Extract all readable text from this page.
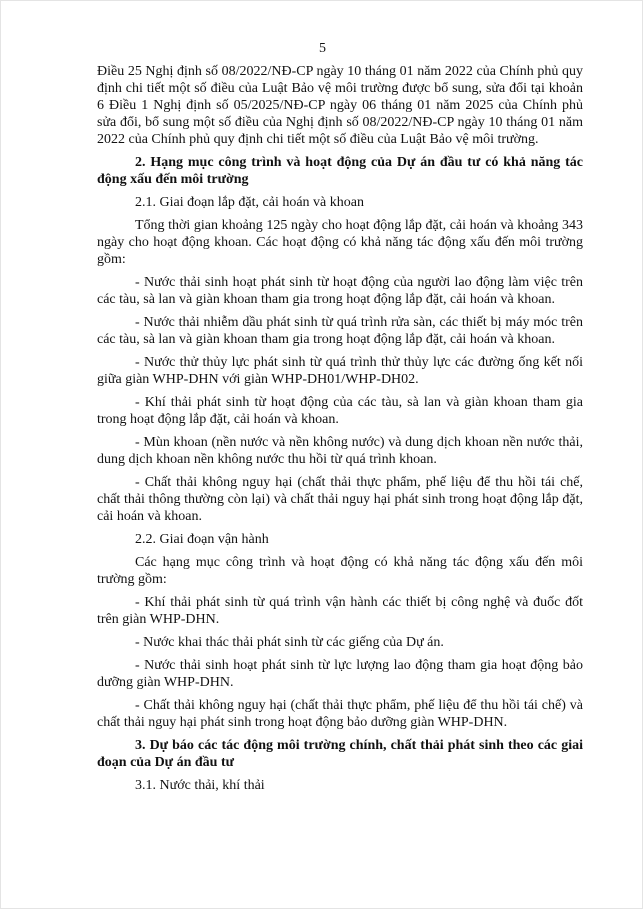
5

Điều 25 Nghị định số 08/2022/NĐ-CP ngày 10 tháng 01 năm 2022 của Chính phủ quy định chi tiết một số điều của Luật Bảo vệ môi trường được bổ sung, sửa đổi tại khoản 6 Điều 1 Nghị định số 05/2025/NĐ-CP ngày 06 tháng 01 năm 2025 của Chính phủ sửa đổi, bổ sung một số điều của Nghị định số 08/2022/NĐ-CP ngày 10 tháng 01 năm 2022 của Chính phủ quy định chi tiết một số điều của Luật Bảo vệ môi trường.

2. Hạng mục công trình và hoạt động của Dự án đầu tư có khả năng tác động xấu đến môi trường

2.1. Giai đoạn lắp đặt, cải hoán và khoan

Tổng thời gian khoảng 125 ngày cho hoạt động lắp đặt, cải hoán và khoảng 343 ngày cho hoạt động khoan. Các hoạt động có khả năng tác động xấu đến môi trường gồm:

- Nước thải sinh hoạt phát sinh từ hoạt động của người lao động làm việc trên các tàu, sà lan và giàn khoan tham gia trong hoạt động lắp đặt, cải hoán và khoan.

- Nước thải nhiễm dầu phát sinh từ quá trình rửa sàn, các thiết bị máy móc trên các tàu, sà lan và giàn khoan tham gia trong hoạt động lắp đặt, cải hoán và khoan.

- Nước thử thủy lực phát sinh từ quá trình thử thủy lực các đường ống kết nối giữa giàn WHP-DHN với giàn WHP-DH01/WHP-DH02.

- Khí thải phát sinh từ hoạt động của các tàu, sà lan và giàn khoan tham gia trong hoạt động lắp đặt, cải hoán và khoan.

- Mùn khoan (nền nước và nền không nước) và dung dịch khoan nền nước thải, dung dịch khoan nền không nước thu hồi từ quá trình khoan.

- Chất thải không nguy hại (chất thải thực phẩm, phế liệu để thu hồi tái chế, chất thải thông thường còn lại) và chất thải nguy hại phát sinh trong hoạt động lắp đặt, cải hoán và khoan.

2.2. Giai đoạn vận hành

Các hạng mục công trình và hoạt động có khả năng tác động xấu đến môi trường gồm:

- Khí thải phát sinh từ quá trình vận hành các thiết bị công nghệ và đuốc đốt trên giàn WHP-DHN.

- Nước khai thác thải phát sinh từ các giếng của Dự án.

- Nước thải sinh hoạt phát sinh từ lực lượng lao động tham gia hoạt động bảo dưỡng giàn WHP-DHN.

- Chất thải không nguy hại (chất thải thực phẩm, phế liệu để thu hồi tái chế) và chất thải nguy hại phát sinh trong hoạt động bảo dưỡng giàn WHP-DHN.

3. Dự báo các tác động môi trường chính, chất thải phát sinh theo các giai đoạn của Dự án đầu tư

3.1. Nước thải, khí thải
